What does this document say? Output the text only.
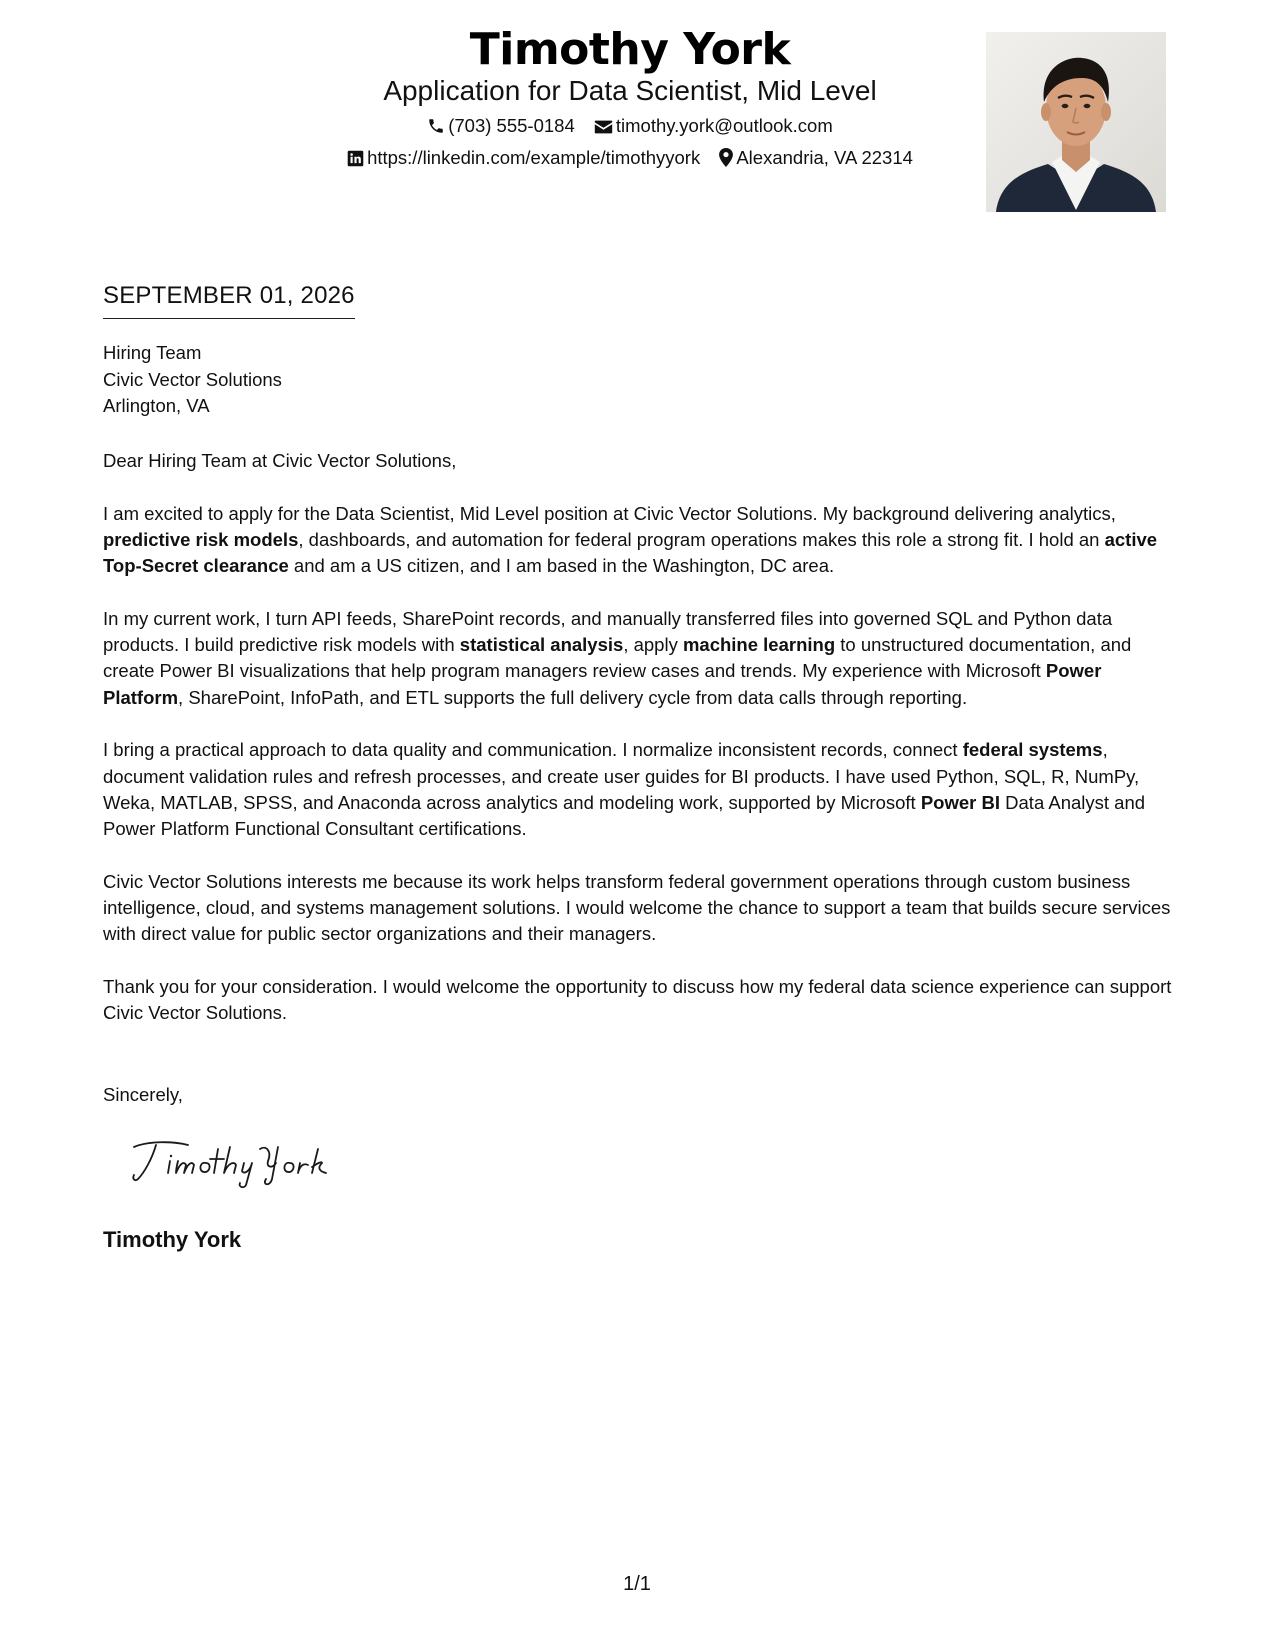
Timothy York
Application for Data Scientist, Mid Level
(703) 555-0184 timothy.york@outlook.com
https://linkedin.com/example/timothyyork Alexandria, VA 22314
SEPTEMBER 01, 2026
Hiring Team
Civic Vector Solutions
Arlington, VA

Dear Hiring Team at Civic Vector Solutions,

I am excited to apply for the Data Scientist, Mid Level position at Civic Vector Solutions. My background delivering analytics, predictive risk models, dashboards, and automation for federal program operations makes this role a strong fit. I hold an active Top-Secret clearance and am a US citizen, and I am based in the Washington, DC area.

In my current work, I turn API feeds, SharePoint records, and manually transferred files into governed SQL and Python data products. I build predictive risk models with statistical analysis, apply machine learning to unstructured documentation, and create Power BI visualizations that help program managers review cases and trends. My experience with Microsoft Power Platform, SharePoint, InfoPath, and ETL supports the full delivery cycle from data calls through reporting.

I bring a practical approach to data quality and communication. I normalize inconsistent records, connect federal systems, document validation rules and refresh processes, and create user guides for BI products. I have used Python, SQL, R, NumPy, Weka, MATLAB, SPSS, and Anaconda across analytics and modeling work, supported by Microsoft Power BI Data Analyst and Power Platform Functional Consultant certifications.

Civic Vector Solutions interests me because its work helps transform federal government operations through custom business intelligence, cloud, and systems management solutions. I would welcome the chance to support a team that builds secure services with direct value for public sector organizations and their managers.

Thank you for your consideration. I would welcome the opportunity to discuss how my federal data science experience can support Civic Vector Solutions.

Sincerely,
Timothy York
1/1
